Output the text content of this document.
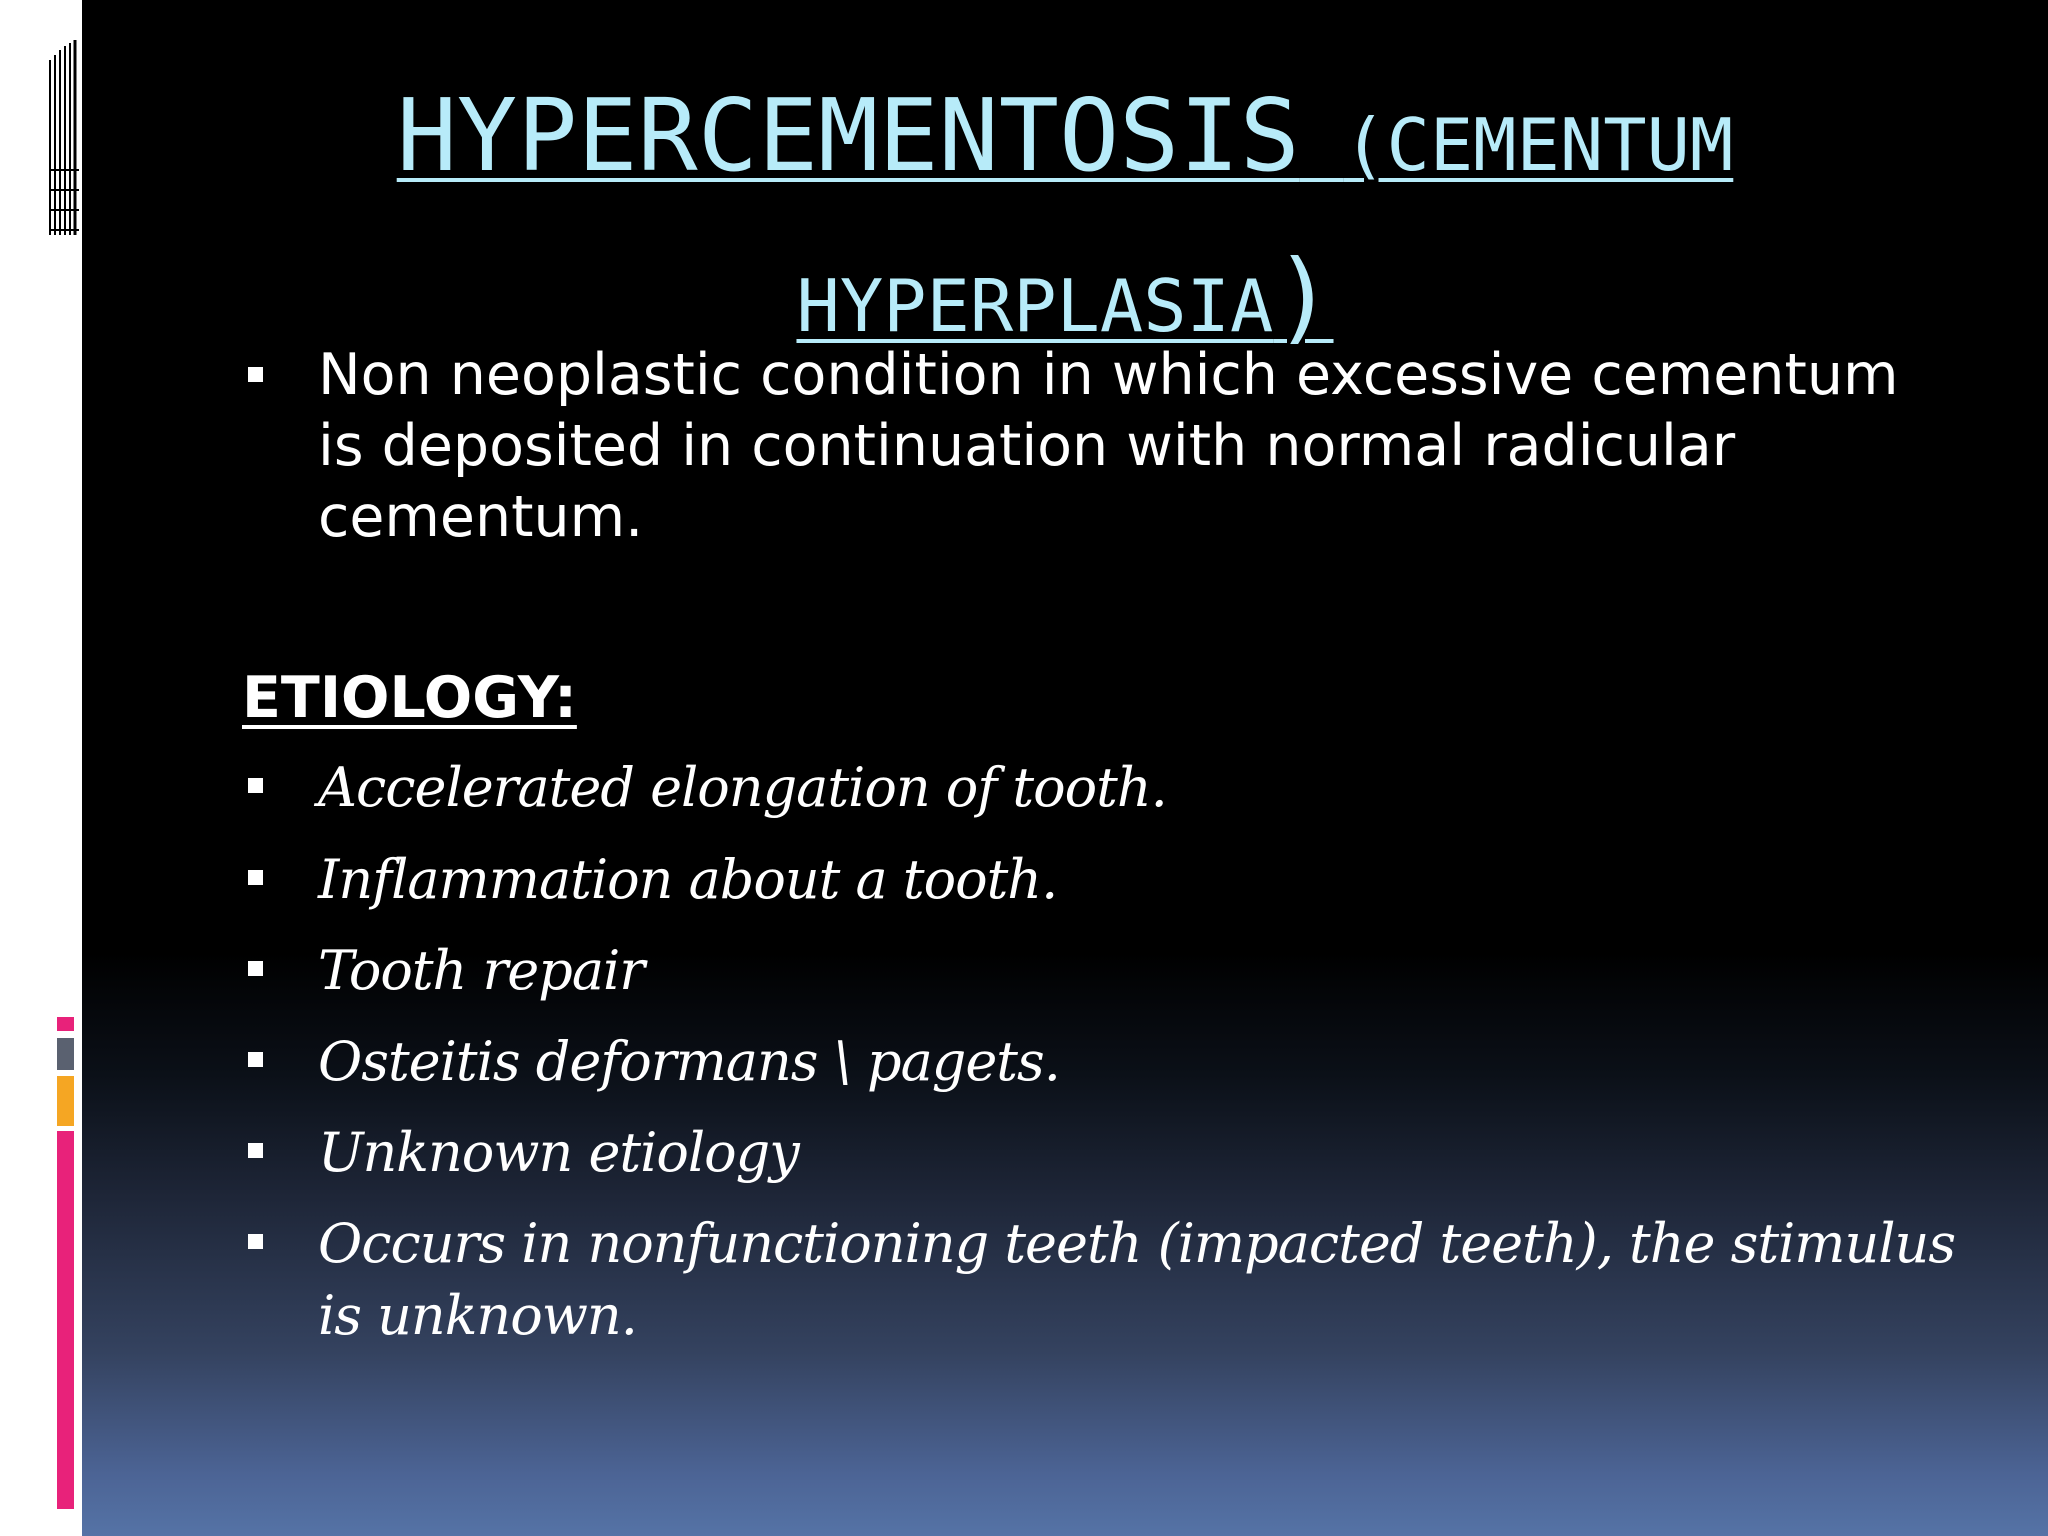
HYPERCEMENTOSIS (CEMENTUM
HYPERPLASIA)
Non neoplastic condition in which excessive cementum is deposited in continuation with normal radicular cementum.
ETIOLOGY:
Accelerated elongation of tooth.
Inflammation about a tooth.
Tooth repair
Osteitis deformans \ pagets.
Unknown etiology
Occurs in nonfunctioning teeth (impacted teeth), the stimulus is unknown.
